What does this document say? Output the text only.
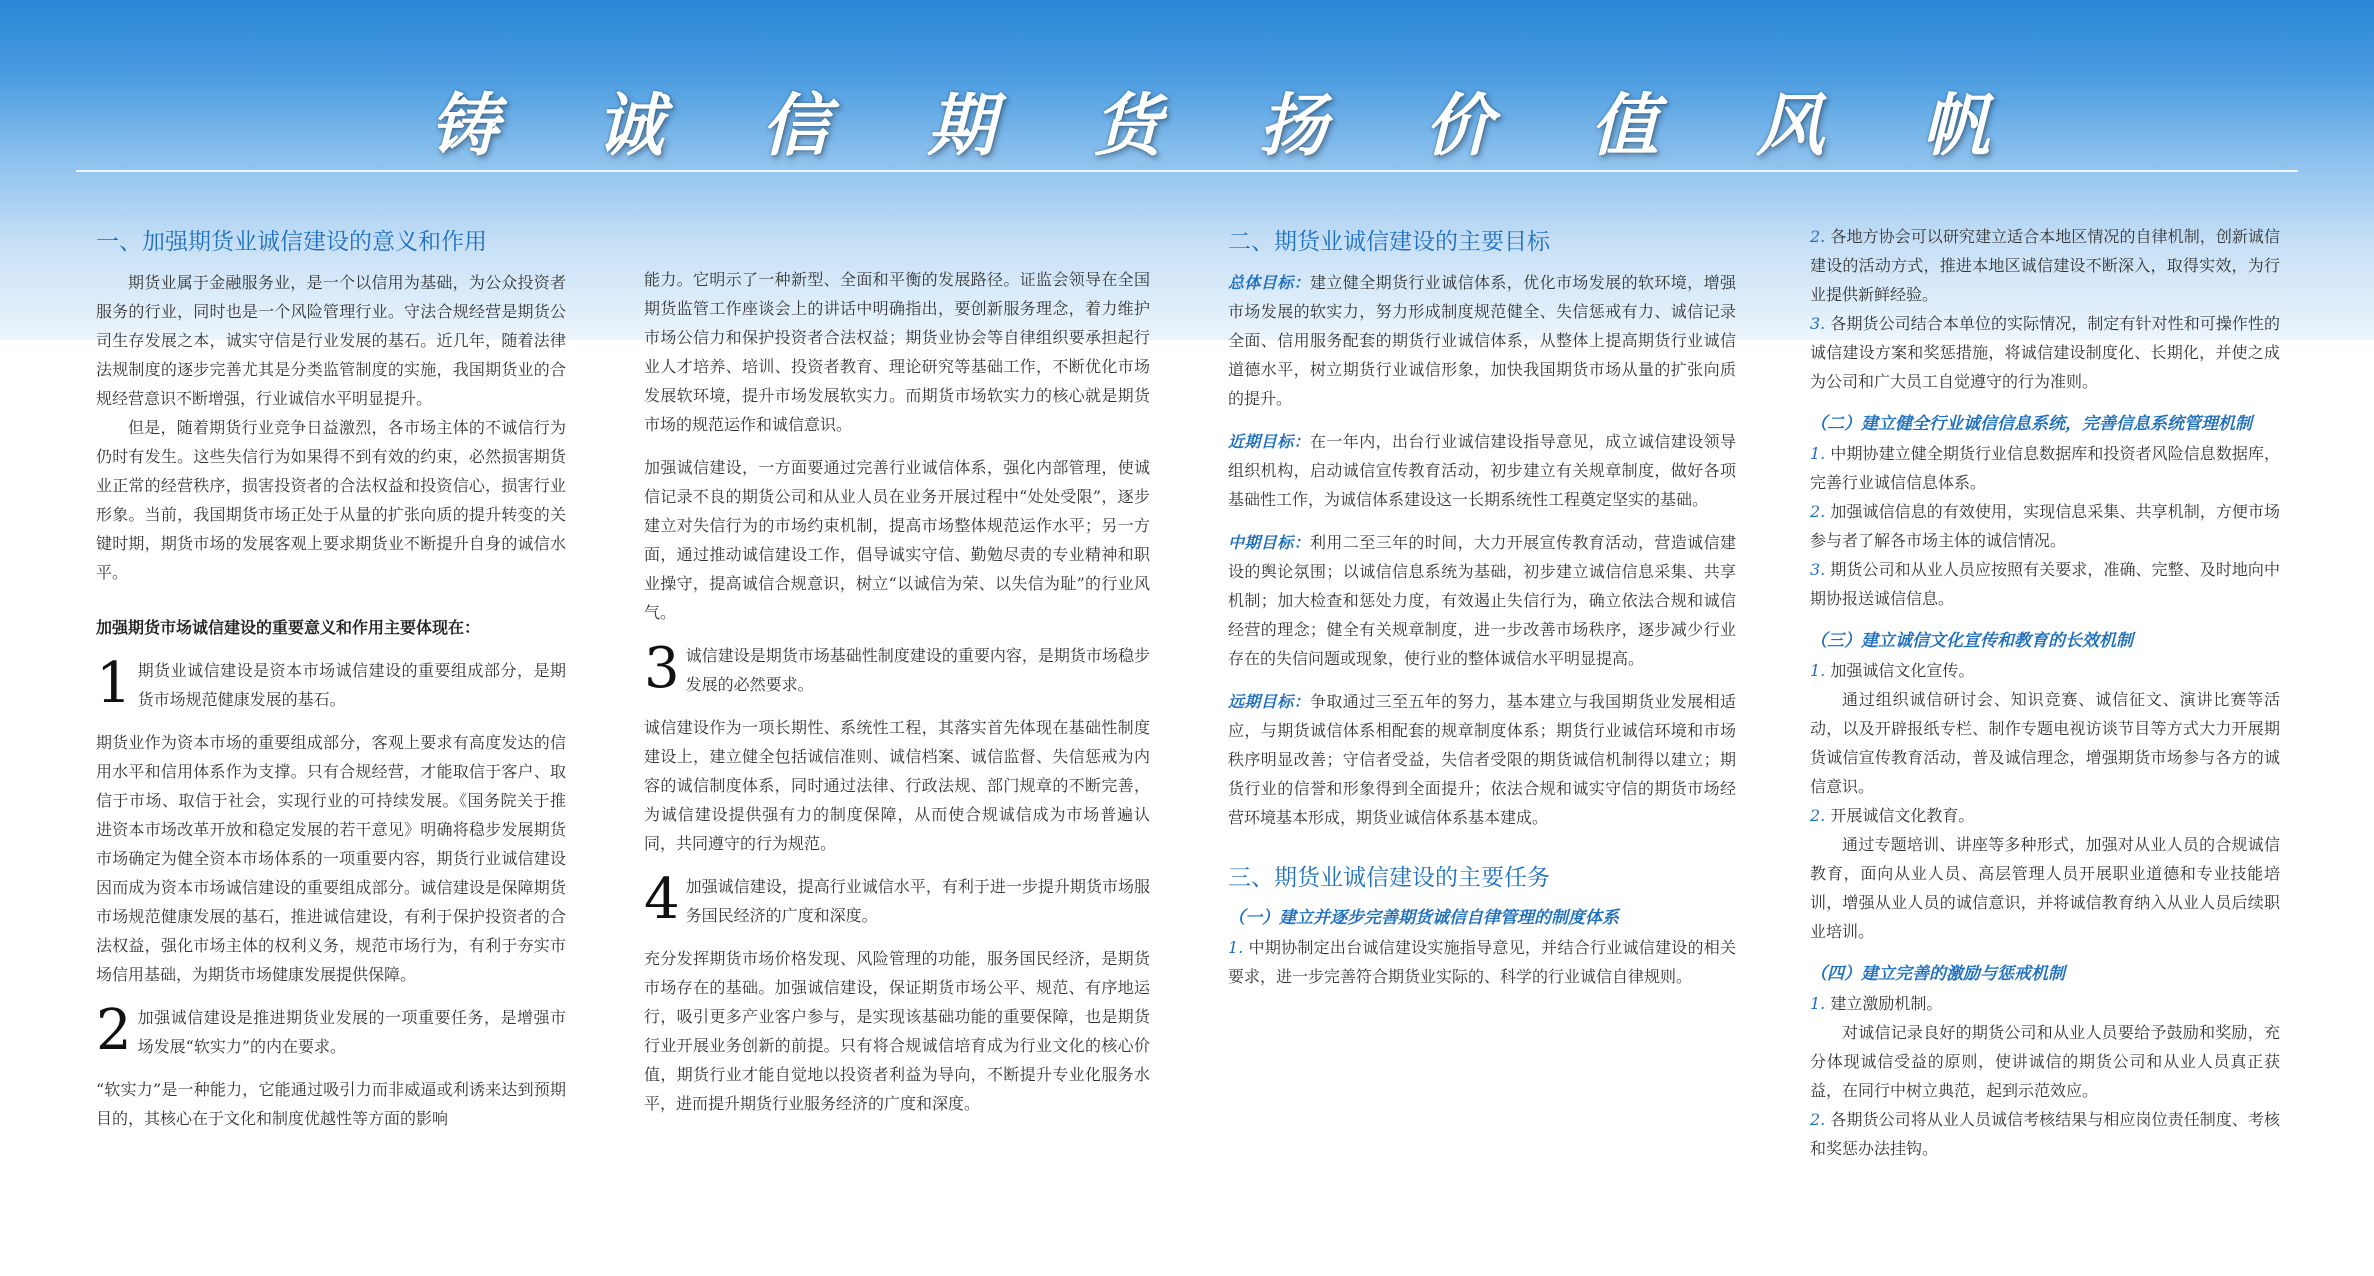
铸 诚 信 期 货 扬 价 值 风 帆
一、加强期货业诚信建设的意义和作用

期货业属于金融服务业，是一个以信用为基础，为公众投资者服务的行业，同时也是一个风险管理行业。守法合规经营是期货公司生存发展之本，诚实守信是行业发展的基石。近几年，随着法律法规制度的逐步完善尤其是分类监管制度的实施，我国期货业的合规经营意识不断增强，行业诚信水平明显提升。

但是，随着期货行业竞争日益激烈，各市场主体的不诚信行为仍时有发生。这些失信行为如果得不到有效的约束，必然损害期货业正常的经营秩序，损害投资者的合法权益和投资信心，损害行业形象。当前，我国期货市场正处于从量的扩张向质的提升转变的关键时期，期货市场的发展客观上要求期货业不断提升自身的诚信水平。

加强期货市场诚信建设的重要意义和作用主要体现在：

1 期货业诚信建设是资本市场诚信建设的重要组成部分，是期货市场规范健康发展的基石。

期货业作为资本市场的重要组成部分，客观上要求有高度发达的信用水平和信用体系作为支撑。只有合规经营，才能取信于客户、取信于市场、取信于社会，实现行业的可持续发展。《国务院关于推进资本市场改革开放和稳定发展的若干意见》明确将稳步发展期货市场确定为健全资本市场体系的一项重要内容，期货行业诚信建设因而成为资本市场诚信建设的重要组成部分。诚信建设是保障期货市场规范健康发展的基石，推进诚信建设，有利于保护投资者的合法权益，强化市场主体的权利义务，规范市场行为，有利于夯实市场信用基础，为期货市场健康发展提供保障。

2 加强诚信建设是推进期货业发展的一项重要任务，是增强市场发展“软实力”的内在要求。

“软实力”是一种能力，它能通过吸引力而非威逼或利诱来达到预期目的，其核心在于文化和制度优越性等方面的影响

能力。它明示了一种新型、全面和平衡的发展路径。证监会领导在全国期货监管工作座谈会上的讲话中明确指出，要创新服务理念，着力维护市场公信力和保护投资者合法权益；期货业协会等自律组织要承担起行业人才培养、培训、投资者教育、理论研究等基础工作，不断优化市场发展软环境，提升市场发展软实力。而期货市场软实力的核心就是期货市场的规范运作和诚信意识。

加强诚信建设，一方面要通过完善行业诚信体系，强化内部管理，使诚信记录不良的期货公司和从业人员在业务开展过程中“处处受限”，逐步建立对失信行为的市场约束机制，提高市场整体规范运作水平；另一方面，通过推动诚信建设工作，倡导诚实守信、勤勉尽责的专业精神和职业操守，提高诚信合规意识，树立“以诚信为荣、以失信为耻”的行业风气。

3 诚信建设是期货市场基础性制度建设的重要内容，是期货市场稳步发展的必然要求。

诚信建设作为一项长期性、系统性工程，其落实首先体现在基础性制度建设上，建立健全包括诚信准则、诚信档案、诚信监督、失信惩戒为内容的诚信制度体系，同时通过法律、行政法规、部门规章的不断完善，为诚信建设提供强有力的制度保障，从而使合规诚信成为市场普遍认同，共同遵守的行为规范。

4 加强诚信建设，提高行业诚信水平，有利于进一步提升期货市场服务国民经济的广度和深度。

充分发挥期货市场价格发现、风险管理的功能，服务国民经济，是期货市场存在的基础。加强诚信建设，保证期货市场公平、规范、有序地运行，吸引更多产业客户参与，是实现该基础功能的重要保障，也是期货行业开展业务创新的前提。只有将合规诚信培育成为行业文化的核心价值，期货行业才能自觉地以投资者利益为导向，不断提升专业化服务水平，进而提升期货行业服务经济的广度和深度。

二、期货业诚信建设的主要目标

总体目标：建立健全期货行业诚信体系，优化市场发展的软环境，增强市场发展的软实力，努力形成制度规范健全、失信惩戒有力、诚信记录全面、信用服务配套的期货行业诚信体系，从整体上提高期货行业诚信道德水平，树立期货行业诚信形象，加快我国期货市场从量的扩张向质的提升。

近期目标：在一年内，出台行业诚信建设指导意见，成立诚信建设领导组织机构，启动诚信宣传教育活动，初步建立有关规章制度，做好各项基础性工作，为诚信体系建设这一长期系统性工程奠定坚实的基础。

中期目标：利用二至三年的时间，大力开展宣传教育活动，营造诚信建设的舆论氛围；以诚信信息系统为基础，初步建立诚信信息采集、共享机制；加大检查和惩处力度，有效遏止失信行为，确立依法合规和诚信经营的理念；健全有关规章制度，进一步改善市场秩序，逐步减少行业存在的失信问题或现象，使行业的整体诚信水平明显提高。

远期目标：争取通过三至五年的努力，基本建立与我国期货业发展相适应，与期货诚信体系相配套的规章制度体系；期货行业诚信环境和市场秩序明显改善；守信者受益，失信者受限的期货诚信机制得以建立；期货行业的信誉和形象得到全面提升；依法合规和诚实守信的期货市场经营环境基本形成，期货业诚信体系基本建成。

三、期货业诚信建设的主要任务

（一）建立并逐步完善期货诚信自律管理的制度体系

1. 中期协制定出台诚信建设实施指导意见，并结合行业诚信建设的相关要求，进一步完善符合期货业实际的、科学的行业诚信自律规则。

2. 各地方协会可以研究建立适合本地区情况的自律机制，创新诚信建设的活动方式，推进本地区诚信建设不断深入，取得实效，为行业提供新鲜经验。

3. 各期货公司结合本单位的实际情况，制定有针对性和可操作性的诚信建设方案和奖惩措施，将诚信建设制度化、长期化，并使之成为公司和广大员工自觉遵守的行为准则。

（二）建立健全行业诚信信息系统，完善信息系统管理机制

1. 中期协建立健全期货行业信息数据库和投资者风险信息数据库，完善行业诚信信息体系。

2. 加强诚信信息的有效使用，实现信息采集、共享机制，方便市场参与者了解各市场主体的诚信情况。

3. 期货公司和从业人员应按照有关要求，准确、完整、及时地向中期协报送诚信信息。

（三）建立诚信文化宣传和教育的长效机制

1. 加强诚信文化宣传。

通过组织诚信研讨会、知识竞赛、诚信征文、演讲比赛等活动，以及开辟报纸专栏、制作专题电视访谈节目等方式大力开展期货诚信宣传教育活动，普及诚信理念，增强期货市场参与各方的诚信意识。

2. 开展诚信文化教育。

通过专题培训、讲座等多种形式，加强对从业人员的合规诚信教育，面向从业人员、高层管理人员开展职业道德和专业技能培训，增强从业人员的诚信意识，并将诚信教育纳入从业人员后续职业培训。

（四）建立完善的激励与惩戒机制

1. 建立激励机制。

对诚信记录良好的期货公司和从业人员要给予鼓励和奖励，充分体现诚信受益的原则，使讲诚信的期货公司和从业人员真正获益，在同行中树立典范，起到示范效应。

2. 各期货公司将从业人员诚信考核结果与相应岗位责任制度、考核和奖惩办法挂钩。
